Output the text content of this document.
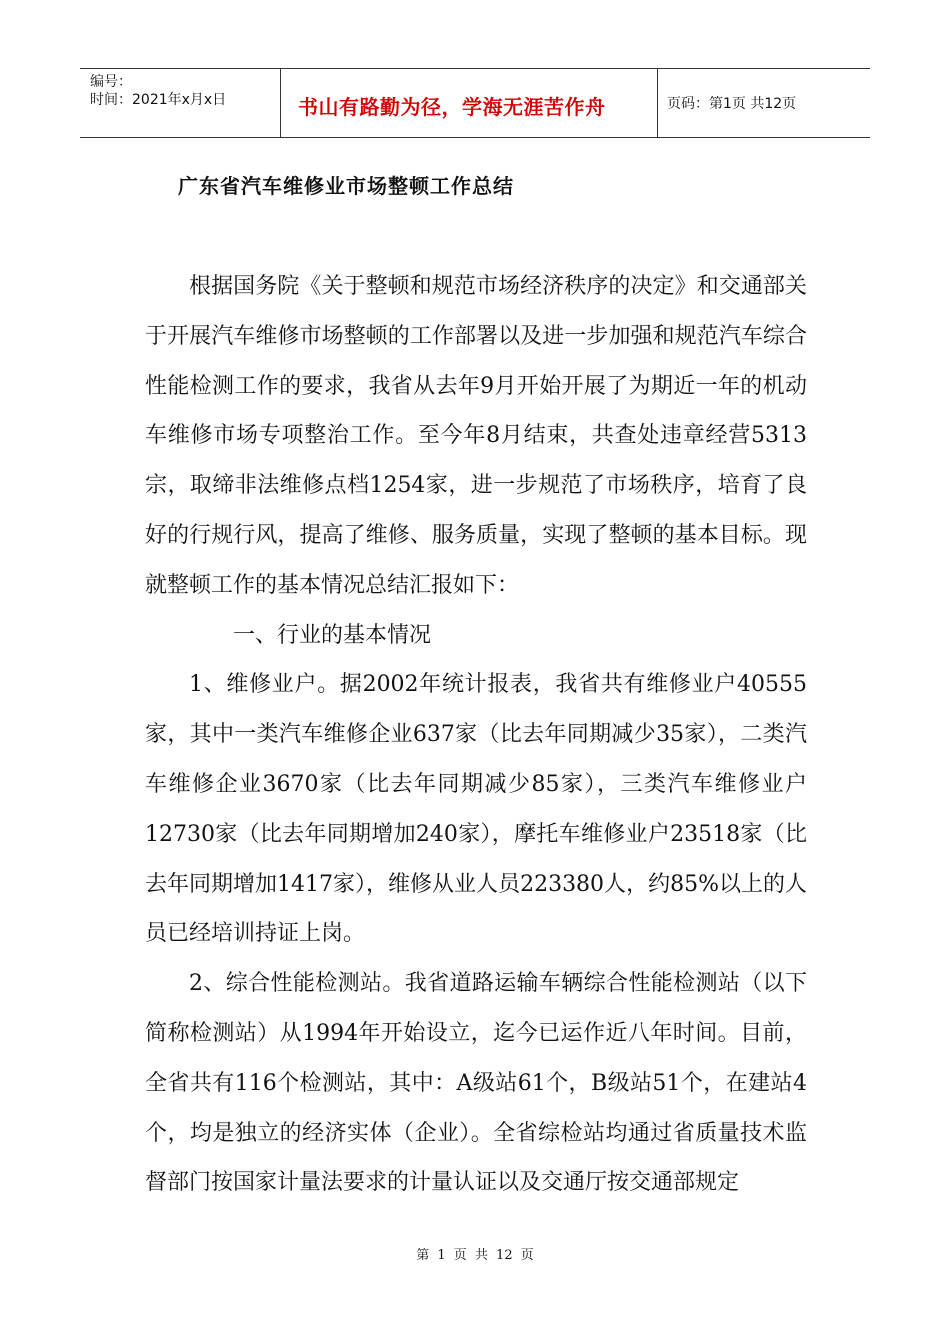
编号：
时间：2021年x月x日	书山有路勤为径，学海无涯苦作舟	页码：第1页 共12页
广东省汽车维修业市场整顿工作总结

根据国务院《关于整顿和规范市场经济秩序的决定》和交通部关于开展汽车维修市场整顿的工作部署以及进一步加强和规范汽车综合性能检测工作的要求，我省从去年9月开始开展了为期近一年的机动车维修市场专项整治工作。至今年8月结束，共查处违章经营5313宗，取缔非法维修点档1254家，进一步规范了市场秩序，培育了良好的行规行风，提高了维修、服务质量，实现了整顿的基本目标。现就整顿工作的基本情况总结汇报如下：

一、行业的基本情况

1、维修业户。据2002年统计报表，我省共有维修业户40555家，其中一类汽车维修企业637家（比去年同期减少35家），二类汽车维修企业3670家（比去年同期减少85家），三类汽车维修业户12730家（比去年同期增加240家），摩托车维修业户23518家（比去年同期增加1417家），维修从业人员223380人，约85%以上的人员已经培训持证上岗。

2、综合性能检测站。我省道路运输车辆综合性能检测站（以下简称检测站）从1994年开始设立，迄今已运作近八年时间。目前，全省共有116个检测站，其中：A级站61个，B级站51个，在建站4个，均是独立的经济实体（企业）。全省综检站均通过省质量技术监督部门按国家计量法要求的计量认证以及交通厅按交通部规定

第 1 页 共 12 页
